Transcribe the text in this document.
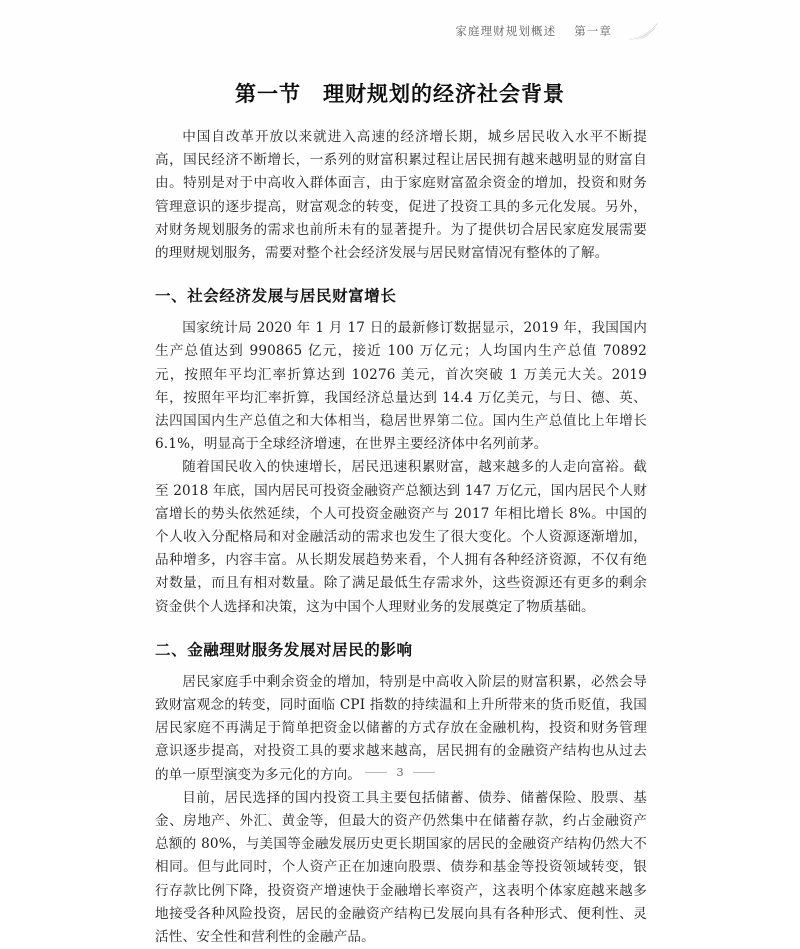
家庭理财规划概述 第一章
第一节 理财规划的经济社会背景

中国自改革开放以来就进入高速的经济增长期，城乡居民收入水平不断提高，国民经济不断增长，一系列的财富积累过程让居民拥有越来越明显的财富自由。特别是对于中高收入群体面言，由于家庭财富盈余资金的增加，投资和财务管理意识的逐步提高，财富观念的转变，促进了投资工具的多元化发展。另外，对财务规划服务的需求也前所未有的显著提升。为了提供切合居民家庭发展需要的理财规划服务，需要对整个社会经济发展与居民财富情况有整体的了解。

一、社会经济发展与居民财富增长

国家统计局 2020 年 1 月 17 日的最新修订数据显示，2019 年，我国国内生产总值达到 990865 亿元，接近 100 万亿元；人均国内生产总值 70892 元，按照年平均汇率折算达到 10276 美元，首次突破 1 万美元大关。2019 年，按照年平均汇率折算，我国经济总量达到 14.4 万亿美元，与日、德、英、法四国国内生产总值之和大体相当，稳居世界第二位。国内生产总值比上年增长 6.1%，明显高于全球经济增速，在世界主要经济体中名列前茅。

随着国民收入的快速增长，居民迅速积累财富，越来越多的人走向富裕。截至 2018 年底，国内居民可投资金融资产总额达到 147 万亿元，国内居民个人财富增长的势头依然延续，个人可投资金融资产与 2017 年相比增长 8%。中国的个人收入分配格局和对金融活动的需求也发生了很大变化。个人资源逐渐增加，品种增多，内容丰富。从长期发展趋势来看，个人拥有各种经济资源，不仅有绝对数量，而且有相对数量。除了满足最低生存需求外，这些资源还有更多的剩余资金供个人选择和决策，这为中国个人理财业务的发展奠定了物质基础。

二、金融理财服务发展对居民的影响

居民家庭手中剩余资金的增加，特别是中高收入阶层的财富积累，必然会导致财富观念的转变，同时面临 CPI 指数的持续温和上升所带来的货币贬值，我国居民家庭不再满足于简单把资金以储蓄的方式存放在金融机构，投资和财务管理意识逐步提高，对投资工具的要求越来越高，居民拥有的金融资产结构也从过去的单一原型演变为多元化的方向。

目前，居民选择的国内投资工具主要包括储蓄、债券、储蓄保险、股票、基金、房地产、外汇、黄金等，但最大的资产仍然集中在储蓄存款，约占金融资产总额的 80%，与美国等金融发展历史更长期国家的居民的金融资产结构仍然大不相同。但与此同时，个人资产正在加速向股票、债券和基金等投资领域转变，银行存款比例下降，投资资产增速快于金融增长率资产，这表明个体家庭越来越多地接受各种风险投资，居民的金融资产结构已发展向具有各种形式、便利性、灵活性、安全性和营利性的金融产品。

3
